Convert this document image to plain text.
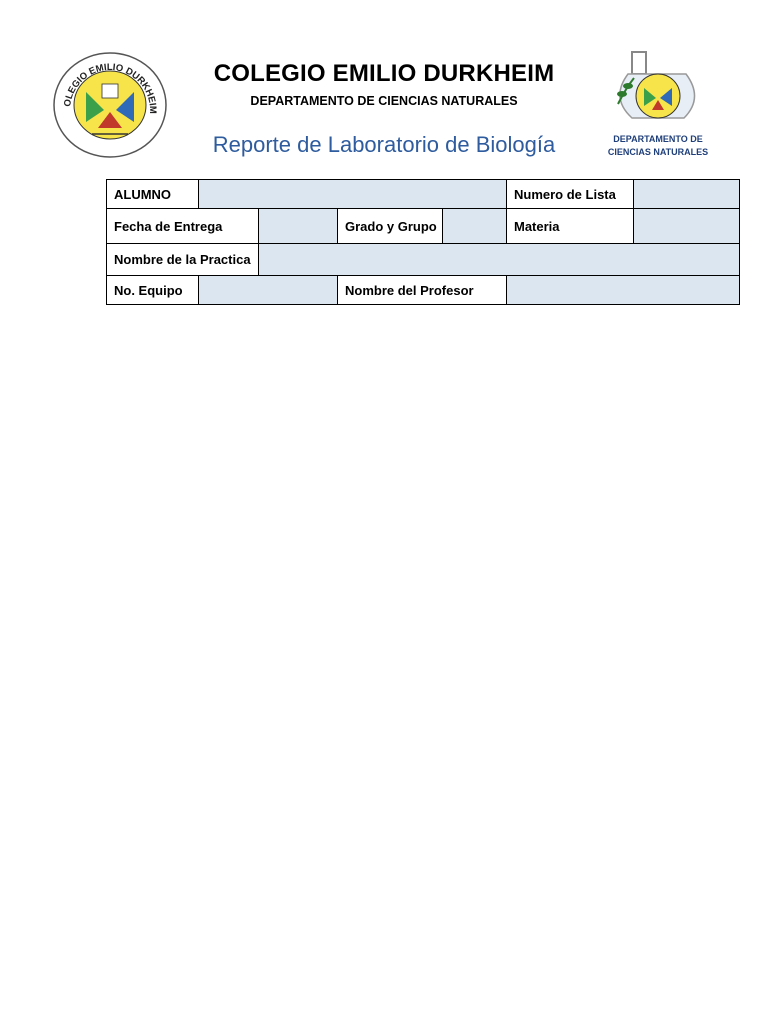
OLEGIO EMILIO DURKHEIM
DEPARTAMENTO DE
CIENCIAS NATURALES
COLEGIO EMILIO DURKHEIM
DEPARTAMENTO DE CIENCIAS NATURALES
Reporte de Laboratorio de Biología
ALUMNO					Numero de Lista	
Fecha de Entrega			Grado y Grupo		Materia	
Nombre de la Practica						
No. Equipo			Nombre del Profesor			
